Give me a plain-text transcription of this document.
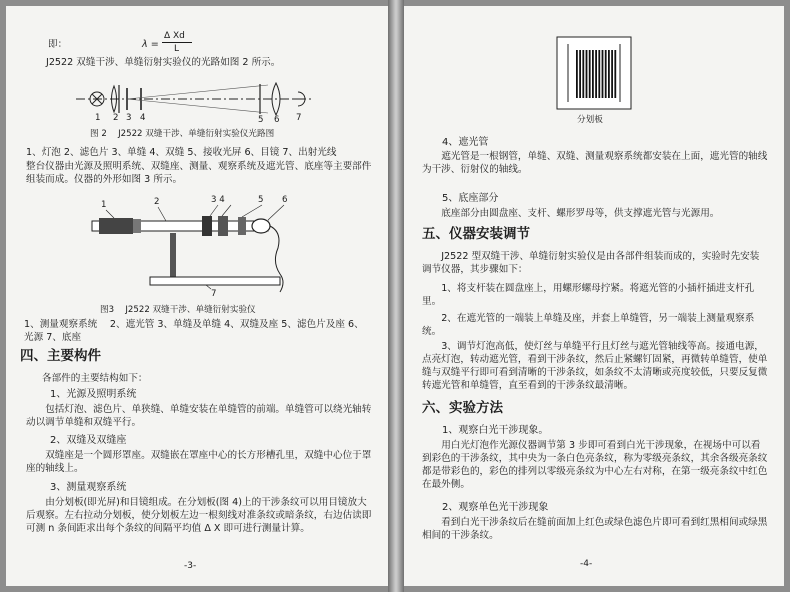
即：	λ =
Δ Xd
L
J2522 双缝干涉、单缝衍射实验仪的光路如图 2 所示。
1 2 3 4	5 6 7
图 2 　J2522 双缝干涉、单缝衍射实验仪光路图
1、灯泡 2、滤色片 3、单缝 4、双缝 5、接收光屏 6、目镜 7、出射光线
整台仪器由光源及照明系统、双缝座、测量、观察系统及遮光管、底座等主要部件组装而成。仪器的外形如图 3 所示。
3 4	5 6
2
1
7
图3 　J2522 双缝干涉、单缝衍射实验仪
1、测量观察系统　 2、遮光管 3、单缝及单缝 4、双缝及座 5、滤色片及座 6、
光源 7、底座
四、主要构件
各部件的主要结构如下：
1、光源及照明系统
包括灯泡、滤色片、单狭缝、单缝安装在单缝管的前端。单缝管可以绕光轴转动以调节单缝和双缝平行。
2、双缝及双缝座
双缝座是一个圆形罩座。双缝嵌在罩座中心的长方形槽孔里，双缝中心位于罩座的轴线上。
3、测量观察系统
由分划板(即光屏)和目镜组成。在分划板(图 4)上的干涉条纹可以用目镜放大后观察。左右拉动分划板，使分划板左边一根刻线对准条纹或暗条纹，右边估读即可测 n 条间距求出每个条纹的间隔平均值 Δ X 即可进行测量计算。
-3-
分划板
4、遮光管
遮光管是一根钢管，单缝、双缝、测量观察系统都安装在上面，遮光管的轴线为干涉、衍射仪的轴线。
5、底座部分
底座部分由圆盘座、支杆、螺形罗母等，供支撑遮光管与光源用。
五、仪器安装调节
J2522 型双缝干涉、单缝衍射实验仪是由各部件组装而成的，实验时先安装调节仪器，其步骤如下：
1、将支杆装在圆盘座上，用螺形螺母拧紧。将遮光管的小插杆插进支杆孔里。
2、在遮光管的一端装上单缝及座，并套上单缝管，另一端装上测量观察系统。
3、调节灯泡高低，使灯丝与单缝平行且灯丝与遮光管轴线等高。接通电源，点亮灯泡，转动遮光管，看到干涉条纹，然后止紧螺钉固紧，再微转单缝管，使单缝与双缝平行即可看到清晰的干涉条纹，如条纹不太清晰或亮度较低，只要反复微转遮光管和单缝管，直至看到的干涉条纹最清晰。
六、实验方法
1、观察白光干涉现象。
用白光灯泡作光源仪器调节第 3 步即可看到白光干涉现象，在视场中可以看到彩色的干涉条纹，其中央为一条白色亮条纹，称为零级亮条纹，其余各级亮条纹都是带彩色的，彩色的排列以零级亮条纹为中心左右对称，在第一级亮条纹中红色在最外侧。
2、观察单色光干涉现象
看到白光干涉条纹后在缝前面加上红色或绿色滤色片即可看到红黑相间或绿黑相间的干涉条纹。
-4-
